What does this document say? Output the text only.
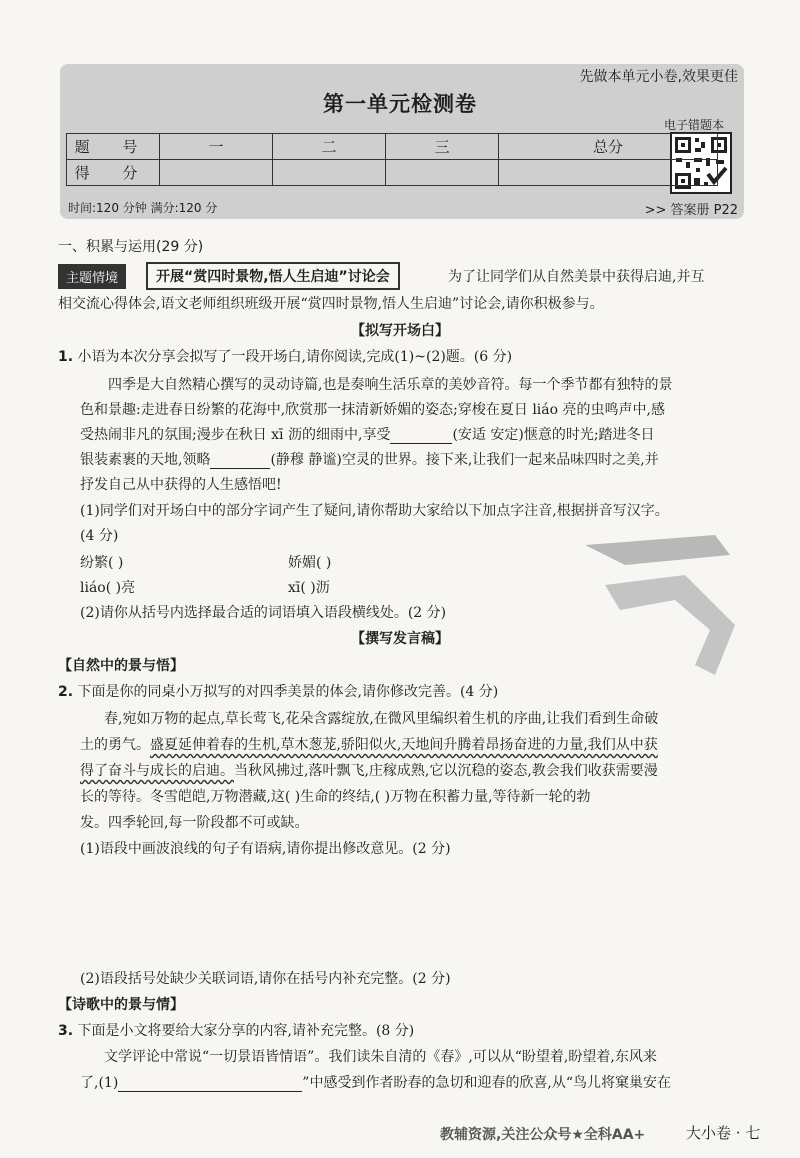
先做本单元小卷,效果更佳
第一单元检测卷
电子错题本
题 号	一	二	三	总分
得 分				
时间:120 分钟 满分:120 分	>> 答案册 P22
一、积累与运用(29 分)
主题情境	开展“赏四时景物,悟人生启迪”讨论会	为了让同学们从自然美景中获得启迪,并互
相交流心得体会,语文老师组织班级开展“赏四时景物,悟人生启迪”讨论会,请你积极参与。
【拟写开场白】
1. 小语为本次分享会拟写了一段开场白,请你阅读,完成(1)~(2)题。(6 分)
四季是大自然精心撰写的灵动诗篇,也是奏响生活乐章的美妙音符。每一个季节都有独特的景
色和景趣:走进春日纷繁的花海中,欣赏那一抹清新娇媚的姿态;穿梭在夏日 liáo 亮的虫鸣声中,感
受热闹非凡的氛围;漫步在秋日 xī 沥的细雨中,享受	(安适 安定)惬意的时光;踏进冬日
银装素裹的天地,领略	(静穆 静谧)空灵的世界。接下来,让我们一起来品味四时之美,并
抒发自己从中获得的人生感悟吧!
(1)同学们对开场白中的部分字词产生了疑问,请你帮助大家给以下加点字注音,根据拼音写汉字。
(4 分)
纷繁( )	娇媚( )
liáo( )亮	xī( )沥
(2)请你从括号内选择最合适的词语填入语段横线处。(2 分)
【撰写发言稿】
【自然中的景与悟】
2. 下面是你的同桌小万拟写的对四季美景的体会,请你修改完善。(4 分)
春,宛如万物的起点,草长莺飞,花朵含露绽放,在微风里编织着生机的序曲,让我们看到生命破
土的勇气。盛夏延伸着春的生机,草木葱茏,骄阳似火,天地间升腾着昂扬奋进的力量,我们从中获
得了奋斗与成长的启迪。当秋风拂过,落叶飘飞,庄稼成熟,它以沉稳的姿态,教会我们收获需要漫
长的等待。冬雪皑皑,万物潜藏,这( )生命的终结,( )万物在积蓄力量,等待新一轮的勃
发。四季轮回,每一阶段都不可或缺。
(1)语段中画波浪线的句子有语病,请你提出修改意见。(2 分)
(2)语段括号处缺少关联词语,请你在括号内补充完整。(2 分)
【诗歌中的景与情】
3. 下面是小文将要给大家分享的内容,请补充完整。(8 分)
文学评论中常说“一切景语皆情语”。我们读朱自清的《春》,可以从“盼望着,盼望着,东风来
了,(1)	”中感受到作者盼春的急切和迎春的欣喜,从“鸟儿将窠巢安在
教辅资源,关注公众号★全科AA+	大小卷 · 七
